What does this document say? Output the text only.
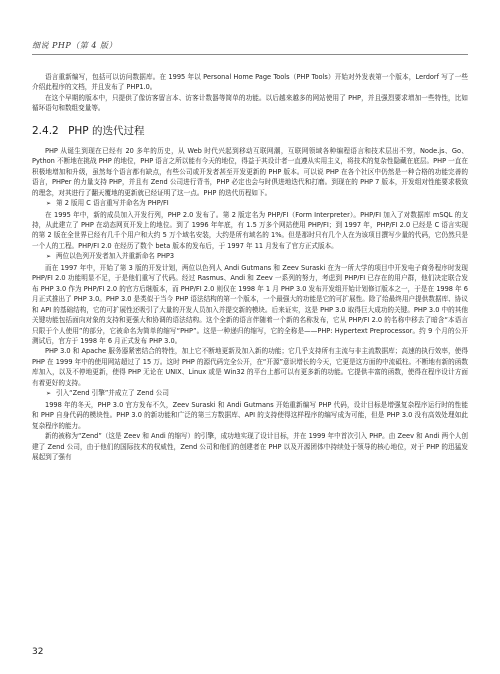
细说 PHP（第 4 版）

语言重新编写，包括可以访问数据库。在 1995 年以 Personal Home Page Tools（PHP Tools）开始对外发表第一个版本，Lerdorf 写了一些介绍此程序的文档，并且发布了 PHP1.0。

在这个早期的版本中，只提供了像访客留言本、访客计数器等简单的功能。以后越来越多的网站使用了 PHP，并且强烈要求增加一些特性，比如循环语句和数组变量等。

2.4.2 PHP 的迭代过程

PHP 从诞生到现在已经有 20 多年的历史，从 Web 时代兴起到移动互联网潮，互联网领域各种编程语言和技术层出不穷，Node.js、Go、Python 不断地在挑战 PHP 的地位，PHP 语言之所以能有今天的地位，得益于其设计者一直遵从实用主义，将技术的复杂性隐藏在底层。PHP 一直在积极地增加和升级，虽然每个语言都有缺点，有些公司或开发者甚至开发更新的 PHP 版本。可以说 PHP 在各个社区中仍然是一种合格的功能完善的语言，PHPer 的力量支持 PHP，并且有 Zend 公司进行背书，PHP 必定也会与时俱进地迭代和打磨。到现在的 PHP 7 版本，开发组对性能要求极致的理念，对其进行了翻天覆地的更新就已经证明了这一点。PHP 的迭代历程如下。

➢ 第 2 版用 C 语言重写并命名为 PHP/FI

在 1995 年中，新的成员加入开发行列，PHP 2.0 发布了。第 2 版定名为 PHP/FI（Form Interpreter）。PHP/FI 加入了对数据库 mSQL 的支持，从此建立了 PHP 在动态网页开发上的地位。到了 1996 年年底，有 1.5 万多个网站使用 PHP/FI；到 1997 年，PHP/FI 2.0 已经是 C 语言实现的第 2 版在全世界已经有几千个用户和大约 5 万个域名安装，大约是所有域名的 1%。但是那时只有几个人在为该项目撰写少量的代码，它仍然只是一个人的工程。PHP/FI 2.0 在经历了数个 beta 版本的发布后，于 1997 年 11 月发布了官方正式版本。

➢ 两位以色列开发者加入并重新命名 PHP3

而在 1997 年中，开始了第 3 版的开发计划，两位以色列人 Andi Gutmans 和 Zeev Suraski 在为一所大学的项目中开发电子商务程序时发现 PHP/FI 2.0 功能明显不足，于是他们重写了代码。经过 Rasmus、Andi 和 Zeev 一系列的努力，考虑到 PHP/FI 已存在的用户群，他们决定联合发布 PHP 3.0 作为 PHP/FI 2.0 的官方后继版本，而 PHP/FI 2.0 则仅在 1998 年 1 月 PHP 3.0 发布开发组开始计划修订版本之一，于是在 1998 年 6 月正式推出了 PHP 3.0。PHP 3.0 是类似于当今 PHP 语法结构的第一个版本，一个最强大的功能是它的可扩展性。除了给最终用户提供数据库、协议和 API 的基础结构，它的可扩展性还吸引了大量的开发人员加入并提交新的模块。后来证实，这是 PHP 3.0 取得巨大成功的关键。PHP 3.0 中的其他关键功能包括面向对象的支持和更强大和协调的语法结构。这个全新的语言伴随着一个新的名称发布，它从 PHP/FI 2.0 的名称中移去了暗含“本语言只限于个人使用”的部分，它被命名为简单的缩写“PHP”。这是一种递归的缩写，它的全称是——PHP: Hypertext Preprocessor。约 9 个月的公开测试后，官方于 1998 年 6 月正式发布 PHP 3.0。

PHP 3.0 和 Apache 服务器紧密结合的特性，加上它不断地更新及加入新的功能；它几乎支持所有主流与非主流数据库；高速的执行效率，使得 PHP 在 1999 年中的使用网站超过了 15 万。这时 PHP 的源代码完全公开，在“开源”意识增长的今天，它更是这方面的中流砥柱。不断地有新的函数库加入，以及不停地更新，使得 PHP 无论在 UNIX、Linux 或是 Win32 的平台上都可以有更多新的功能。它提供丰富的函数，使得在程序设计方面有着更好的支持。

➢ 引入“Zend 引擎”并成立了 Zend 公司

1998 年的冬天，PHP 3.0 官方发布不久，Zeev Suraski 和 Andi Gutmans 开始重新编写 PHP 代码，设计目标是增强复杂程序运行时的性能和 PHP 自身代码的模块性。PHP 3.0 的新功能和广泛的第三方数据库、API 的支持使得这样程序的编写成为可能，但是 PHP 3.0 没有高效处理如此复杂程序的能力。

新的被称为“Zend”（这是 Zeev 和 Andi 的缩写）的引擎，成功地实现了设计目标，并在 1999 年中首次引入 PHP。由 Zeev 和 Andi 两个人创建了 Zend 公司，由于他们的国际技术的权威性，Zend 公司和他们的创建者在 PHP 以及开源团体中持续处于领导的核心地位，对于 PHP 的迅猛发展起到了强有

32
